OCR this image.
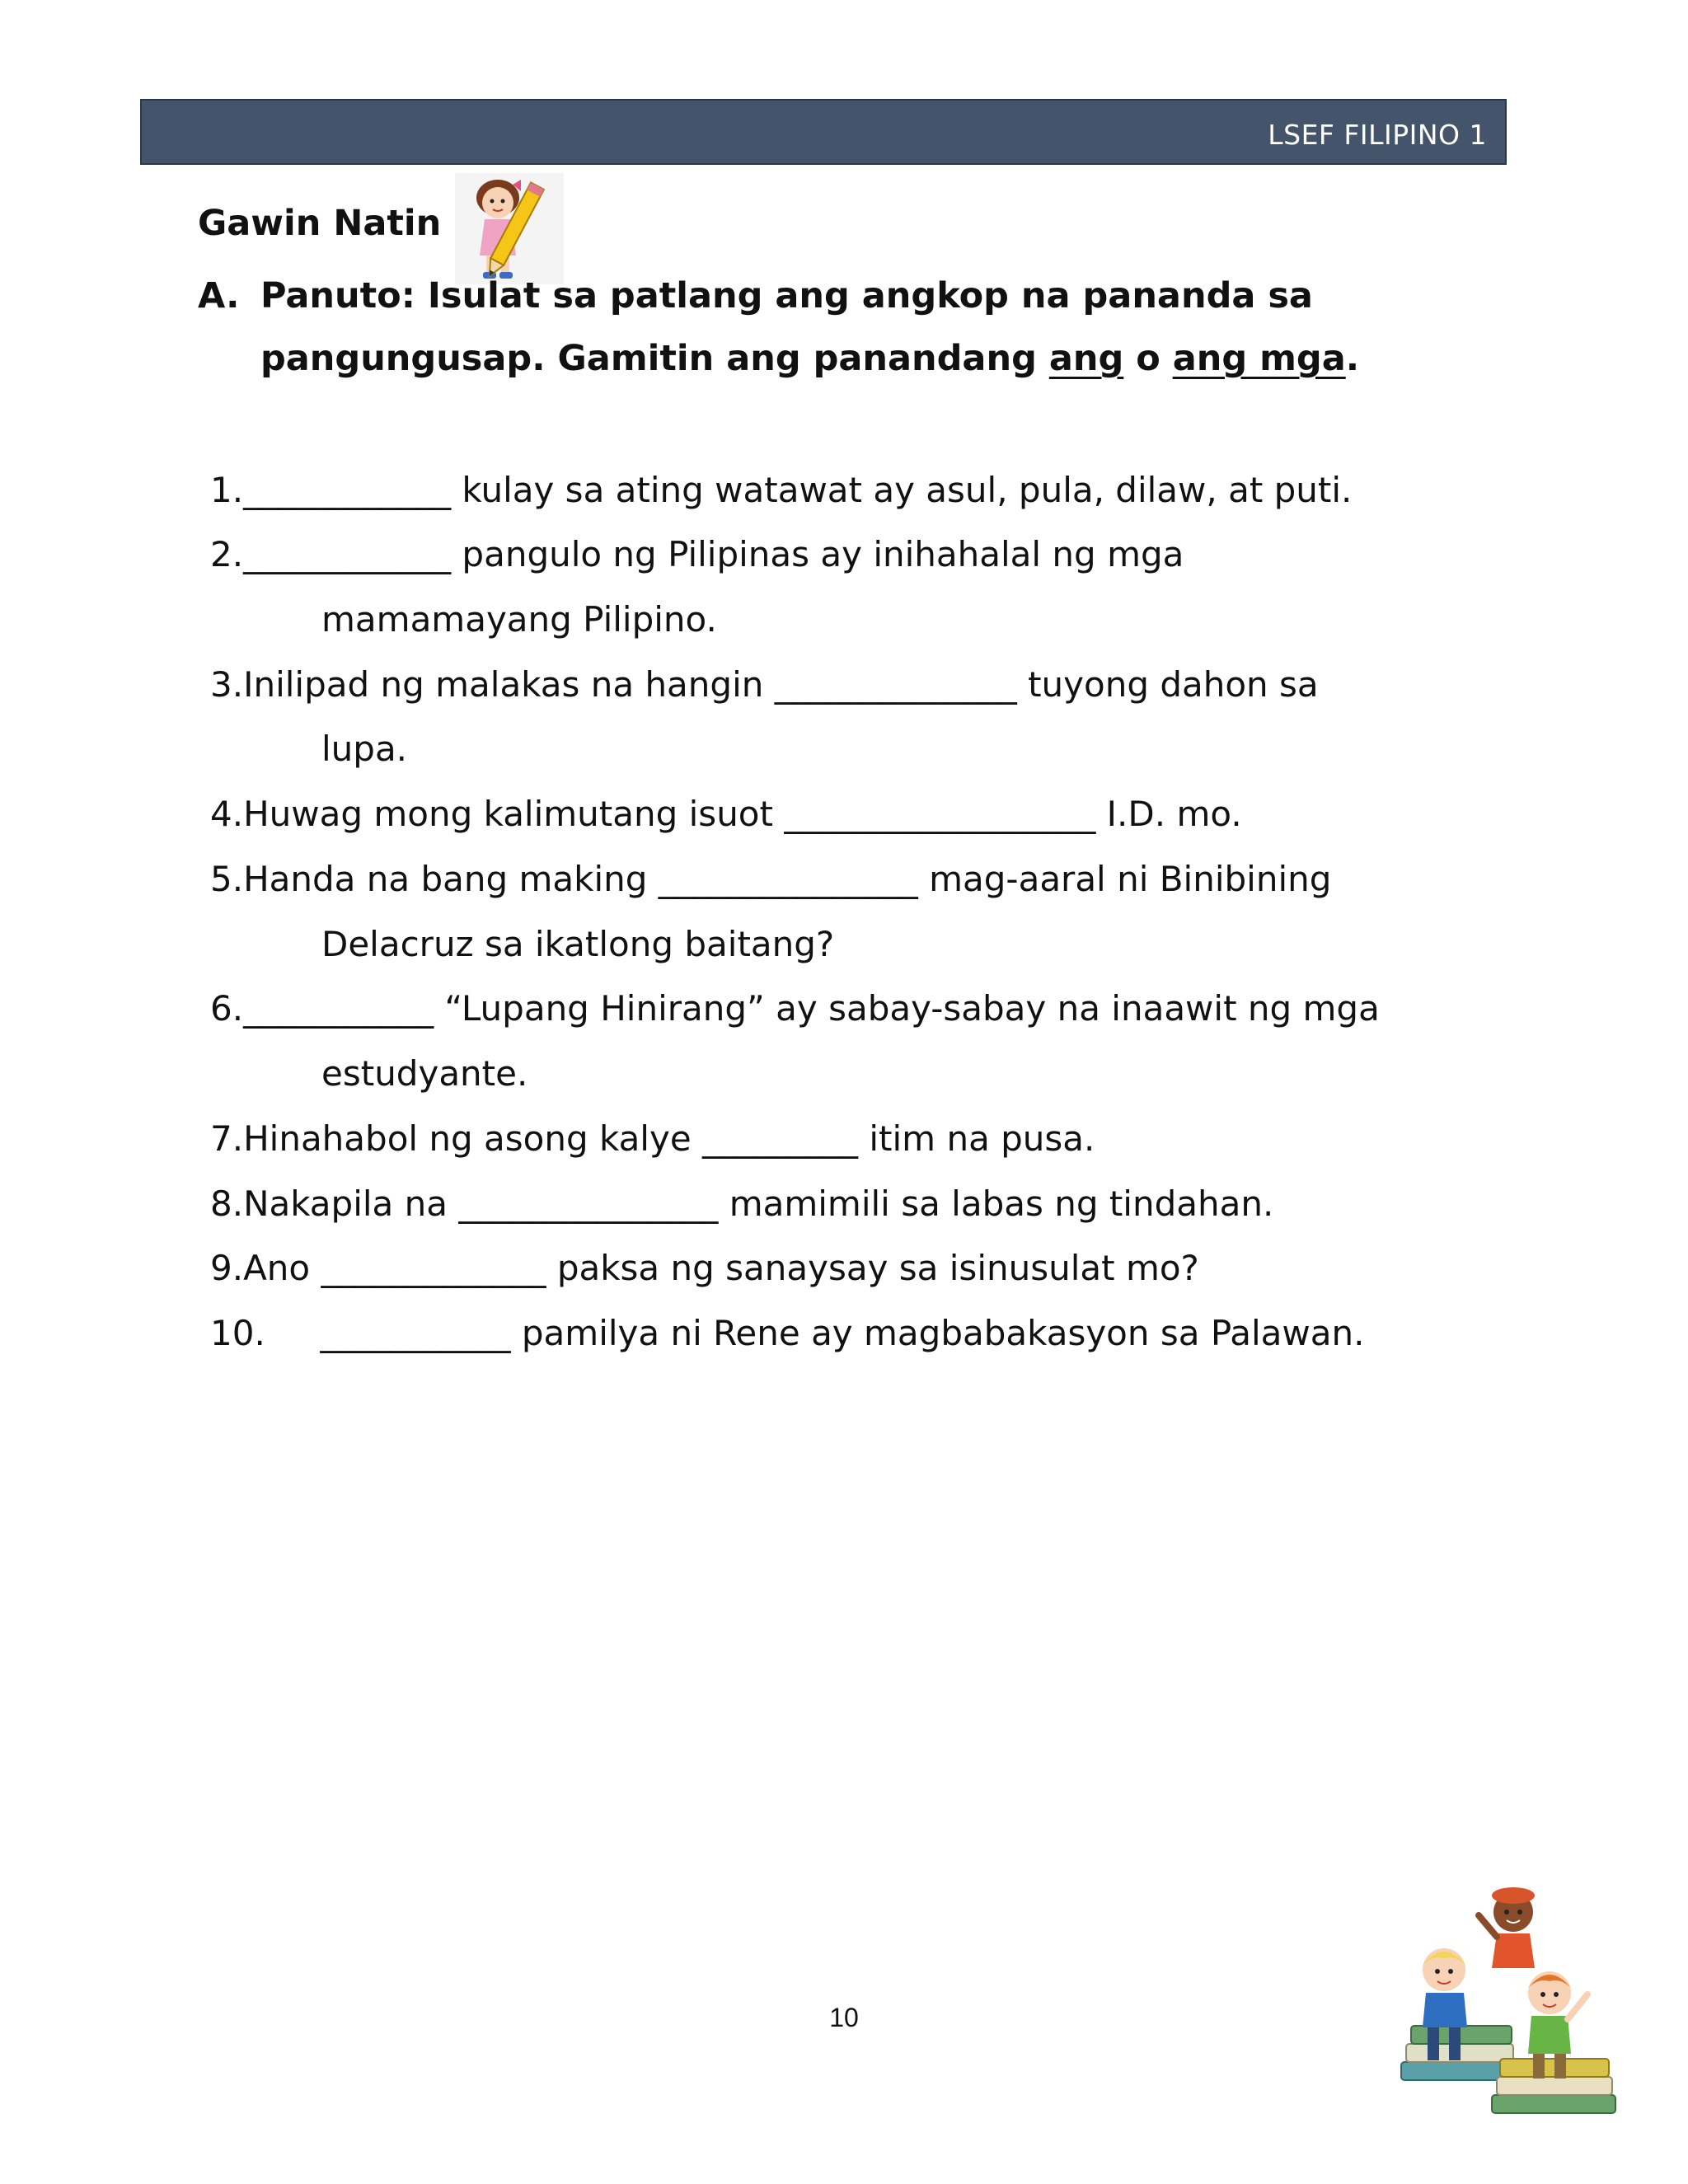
LSEF FILIPINO 1
Gawin Natin
A. Panuto: Isulat sa patlang ang angkop na pananda sa
pangungusap. Gamitin ang panandang ang o ang mga.
1.____________ kulay sa ating watawat ay asul, pula, dilaw, at puti.
2.____________ pangulo ng Pilipinas ay inihahalal ng mga
mamamayang Pilipino.
3.Inilipad ng malakas na hangin ______________ tuyong dahon sa
lupa.
4.Huwag mong kalimutang isuot __________________ I.D. mo.
5.Handa na bang making _______________ mag-aaral ni Binibining
Delacruz sa ikatlong baitang?
6.___________ “Lupang Hinirang” ay sabay-sabay na inaawit ng mga
estudyante.
7.Hinahabol ng asong kalye _________ itim na pusa.
8.Nakapila na _______________ mamimili sa labas ng tindahan.
9.Ano _____________ paksa ng sanaysay sa isinusulat mo?
10.     ___________ pamilya ni Rene ay magbabakasyon sa Palawan.
10
